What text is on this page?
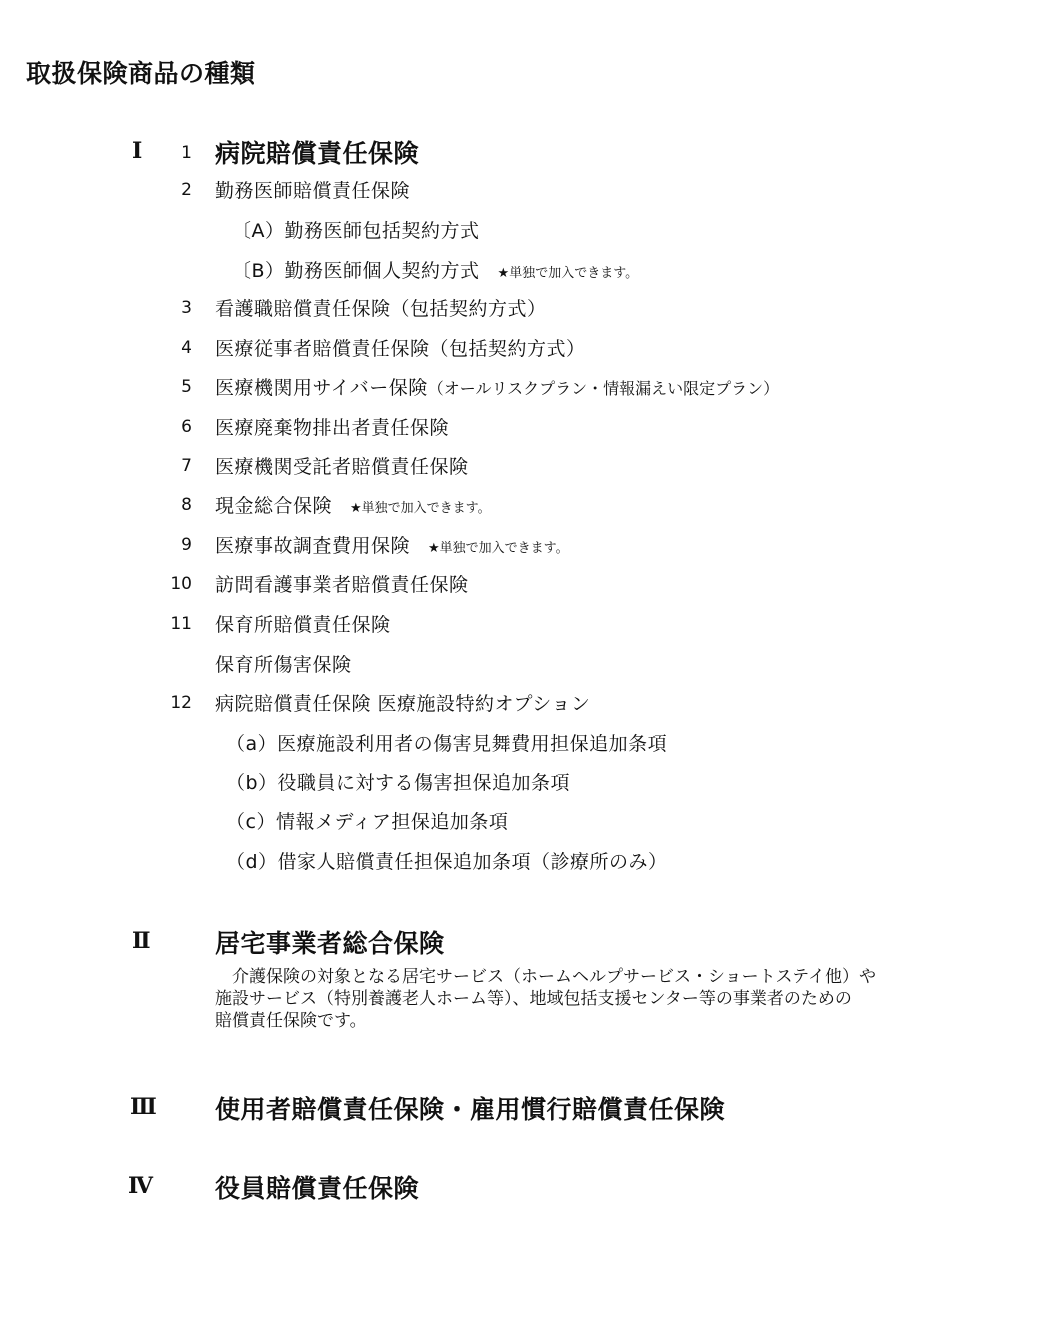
取扱保険商品の種類
Ⅰ	1 病院賠償責任保険
2 勤務医師賠償責任保険
〔A）勤務医師包括契約方式
〔B）勤務医師個人契約方式 ★単独で加入できます。
3 看護職賠償責任保険（包括契約方式）
4 医療従事者賠償責任保険（包括契約方式）
5 医療機関用サイバー保険（オールリスクプラン・情報漏えい限定プラン）
6 医療廃棄物排出者責任保険
7 医療機関受託者賠償責任保険
8 現金総合保険 ★単独で加入できます。
9 医療事故調査費用保険 ★単独で加入できます。
10 訪問看護事業者賠償責任保険
11 保育所賠償責任保険
保育所傷害保険
12 病院賠償責任保険 医療施設特約オプション
（a）医療施設利用者の傷害見舞費用担保追加条項
（b）役職員に対する傷害担保追加条項
（c）情報メディア担保追加条項
（d）借家人賠償責任担保追加条項（診療所のみ）
Ⅱ	居宅事業者総合保険

介護保険の対象となる居宅サービス（ホームヘルプサービス・ショートステイ他）や

施設サービス（特別養護老人ホーム等）、地域包括支援センター等の事業者のための

賠償責任保険です。

Ⅲ 使用者賠償責任保険・雇用慣行賠償責任保険
Ⅳ 役員賠償責任保険
